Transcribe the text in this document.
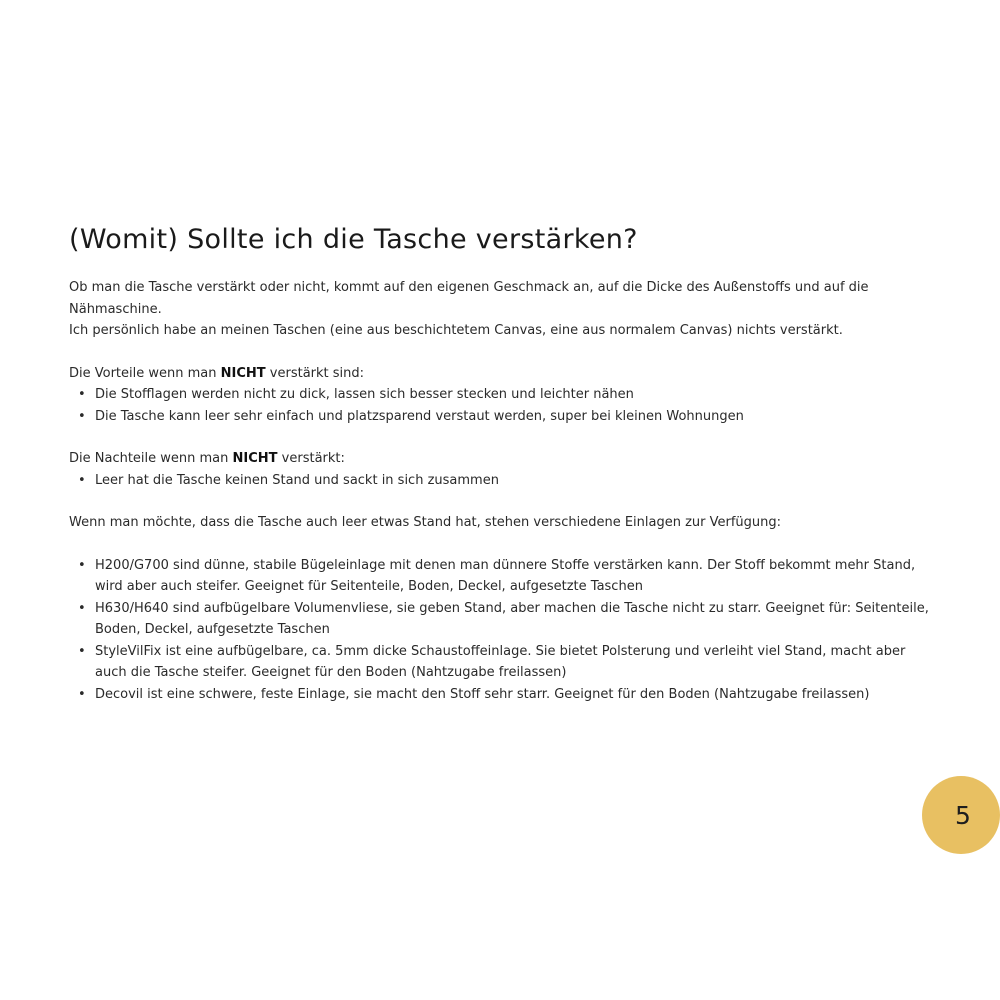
(Womit) Sollte ich die Tasche verstärken?

Ob man die Tasche verstärkt oder nicht, kommt auf den eigenen Geschmack an, auf die Dicke des Außenstoffs und auf die Nähmaschine.

Ich persönlich habe an meinen Taschen (eine aus beschichtetem Canvas, eine aus normalem Canvas) nichts verstärkt.

Die Vorteile wenn man NICHT verstärkt sind:

• Die Stofflagen werden nicht zu dick, lassen sich besser stecken und leichter nähen
• Die Tasche kann leer sehr einfach und platzsparend verstaut werden, super bei kleinen Wohnungen

Die Nachteile wenn man NICHT verstärkt:

• Leer hat die Tasche keinen Stand und sackt in sich zusammen

Wenn man möchte, dass die Tasche auch leer etwas Stand hat, stehen verschiedene Einlagen zur Verfügung:

• H200/G700 sind dünne, stabile Bügeleinlage mit denen man dünnere Stoffe verstärken kann. Der Stoff bekommt mehr Stand, wird aber auch steifer. Geeignet für Seitenteile, Boden, Deckel, aufgesetzte Taschen
• H630/H640 sind aufbügelbare Volumenvliese, sie geben Stand, aber machen die Tasche nicht zu starr. Geeignet für: Seitenteile, Boden, Deckel, aufgesetzte Taschen
• StyleVilFix ist eine aufbügelbare, ca. 5mm dicke Schaustoffeinlage. Sie bietet Polsterung und verleiht viel Stand, macht aber auch die Tasche steifer. Geeignet für den Boden (Nahtzugabe freilassen)
• Decovil ist eine schwere, feste Einlage, sie macht den Stoff sehr starr. Geeignet für den Boden (Nahtzugabe freilassen)
5
